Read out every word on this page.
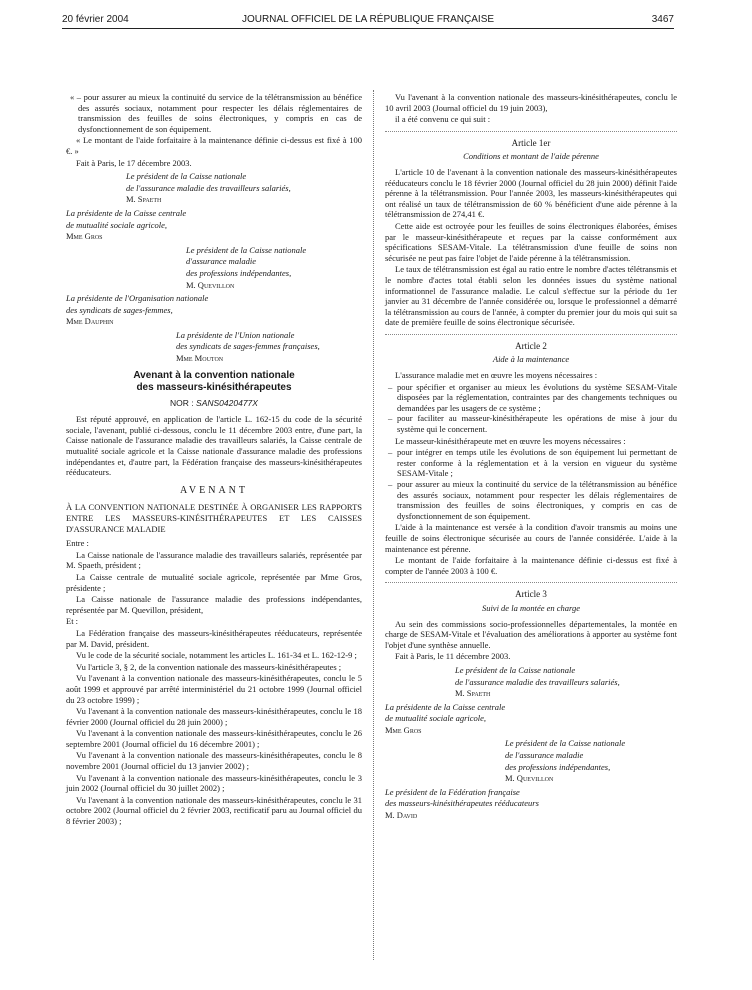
20 février 2004	JOURNAL OFFICIEL DE LA RÉPUBLIQUE FRANÇAISE	3467

« – pour assurer au mieux la continuité du service de la télétransmission au bénéfice des assurés sociaux, notamment pour respecter les délais réglementaires de transmission des feuilles de soins électroniques, y compris en cas de dysfonctionnement de son équipement.

« Le montant de l'aide forfaitaire à la maintenance définie ci-dessus est fixé à 100 €. »

Fait à Paris, le 17 décembre 2003.

Le président de la Caisse nationale

de l'assurance maladie des travailleurs salariés,

M. Spaeth

La présidente de la Caisse centrale

de mutualité sociale agricole,

Mme Gros

Le président de la Caisse nationale

d'assurance maladie

des professions indépendantes,

M. Quevillon

La présidente de l'Organisation nationale

des syndicats de sages-femmes,

Mme Dauphin

La présidente de l'Union nationale

des syndicats de sages-femmes françaises,

Mme Mouton

Avenant à la convention nationale
des masseurs-kinésithérapeutes
NOR : SANS0420477X

Est réputé approuvé, en application de l'article L. 162-15 du code de la sécurité sociale, l'avenant, publié ci-dessous, conclu le 11 décembre 2003 entre, d'une part, la Caisse nationale de l'assurance maladie des travailleurs salariés, la Caisse centrale de mutualité sociale agricole et la Caisse nationale d'assurance maladie des professions indépendantes et, d'autre part, la Fédération française des masseurs-kinésithérapeutes rééducateurs.

AVENANT
À LA CONVENTION NATIONALE DESTINÉE À ORGANISER LES RAPPORTS ENTRE LES MASSEURS-KINÉSITHÉRAPEUTES ET LES CAISSES D'ASSURANCE MALADIE

Entre :

La Caisse nationale de l'assurance maladie des travailleurs salariés, représentée par M. Spaeth, président ;

La Caisse centrale de mutualité sociale agricole, représentée par Mme Gros, présidente ;

La Caisse nationale de l'assurance maladie des professions indépendantes, représentée par M. Quevillon, président,

Et :

La Fédération française des masseurs-kinésithérapeutes rééducateurs, représentée par M. David, président.

Vu le code de la sécurité sociale, notamment les articles L. 161-34 et L. 162-12-9 ;

Vu l'article 3, § 2, de la convention nationale des masseurs-kinésithérapeutes ;

Vu l'avenant à la convention nationale des masseurs-kinésithérapeutes, conclu le 5 août 1999 et approuvé par arrêté interministériel du 21 octobre 1999 (Journal officiel du 23 octobre 1999) ;

Vu l'avenant à la convention nationale des masseurs-kinésithérapeutes, conclu le 18 février 2000 (Journal officiel du 28 juin 2000) ;

Vu l'avenant à la convention nationale des masseurs-kinésithérapeutes, conclu le 26 septembre 2001 (Journal officiel du 16 décembre 2001) ;

Vu l'avenant à la convention nationale des masseurs-kinésithérapeutes, conclu le 8 novembre 2001 (Journal officiel du 13 janvier 2002) ;

Vu l'avenant à la convention nationale des masseurs-kinésithérapeutes, conclu le 3 juin 2002 (Journal officiel du 30 juillet 2002) ;

Vu l'avenant à la convention nationale des masseurs-kinésithérapeutes, conclu le 31 octobre 2002 (Journal officiel du 2 février 2003, rectificatif paru au Journal officiel du 8 février 2003) ;

Vu l'avenant à la convention nationale des masseurs-kinésithérapeutes, conclu le 10 avril 2003 (Journal officiel du 19 juin 2003),

il a été convenu ce qui suit :

Article 1er
Conditions et montant de l'aide pérenne

L'article 10 de l'avenant à la convention nationale des masseurs-kinésithérapeutes rééducateurs conclu le 18 février 2000 (Journal officiel du 28 juin 2000) définit l'aide pérenne à la télétransmission. Pour l'année 2003, les masseurs-kinésithérapeutes qui ont réalisé un taux de télétransmission de 60 % bénéficient d'une aide pérenne à la télétransmission de 274,41 €.

Cette aide est octroyée pour les feuilles de soins électroniques élaborées, émises par le masseur-kinésithérapeute et reçues par la caisse conformément aux spécifications SESAM-Vitale. La télétransmission d'une feuille de soins non sécurisée ne peut pas faire l'objet de l'aide pérenne à la télétransmission.

Le taux de télétransmission est égal au ratio entre le nombre d'actes télétransmis et le nombre d'actes total établi selon les données issues du système national informationnel de l'assurance maladie. Le calcul s'effectue sur la période du 1er janvier au 31 décembre de l'année considérée ou, lorsque le professionnel a démarré la télétransmission au cours de l'année, à compter du premier jour du mois qui suit sa date de première feuille de soins électronique sécurisée.

Article 2
Aide à la maintenance

L'assurance maladie met en œuvre les moyens nécessaires :

– pour spécifier et organiser au mieux les évolutions du système SESAM-Vitale disposées par la réglementation, contraintes par des changements techniques ou demandées par les usagers de ce système ;
– pour faciliter au masseur-kinésithérapeute les opérations de mise à jour du système qui le concernent.

Le masseur-kinésithérapeute met en œuvre les moyens nécessaires :

– pour intégrer en temps utile les évolutions de son équipement lui permettant de rester conforme à la réglementation et à la version en vigueur du système SESAM-Vitale ;
– pour assurer au mieux la continuité du service de la télétransmission au bénéfice des assurés sociaux, notamment pour respecter les délais réglementaires de transmission des feuilles de soins électroniques, y compris en cas de dysfonctionnement de son équipement.

L'aide à la maintenance est versée à la condition d'avoir transmis au moins une feuille de soins électronique sécurisée au cours de l'année considérée. L'aide à la maintenance est pérenne.

Le montant de l'aide forfaitaire à la maintenance définie ci-dessus est fixé à compter de l'année 2003 à 100 €.

Article 3
Suivi de la montée en charge

Au sein des commissions socio-professionnelles départementales, la montée en charge de SESAM-Vitale et l'évaluation des améliorations à apporter au système font l'objet d'une synthèse annuelle.

Fait à Paris, le 11 décembre 2003.

Le président de la Caisse nationale

de l'assurance maladie des travailleurs salariés,

M. Spaeth

La présidente de la Caisse centrale

de mutualité sociale agricole,

Mme Gros

Le président de la Caisse nationale

de l'assurance maladie

des professions indépendantes,

M. Quevillon

Le président de la Fédération française

des masseurs-kinésithérapeutes rééducateurs

M. David
